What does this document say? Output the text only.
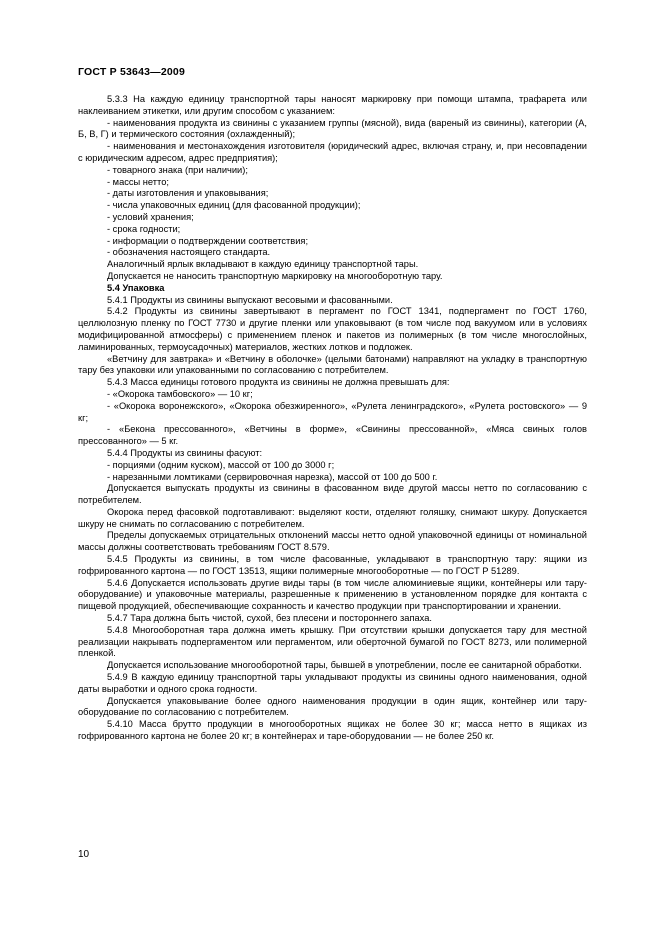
ГОСТ Р 53643—2009

5.3.3 На каждую единицу транспортной тары наносят маркировку при помощи штампа, трафарета или наклеиванием этикетки, или другим способом с указанием:

- наименования продукта из свинины с указанием группы (мясной), вида (вареный из свинины), категории (А, Б, В, Г) и термического состояния (охлажденный);

- наименования и местонахождения изготовителя (юридический адрес, включая страну, и, при несовпадении с юридическим адресом, адрес предприятия);

- товарного знака (при наличии);

- массы нетто;

- даты изготовления и упаковывания;

- числа упаковочных единиц (для фасованной продукции);

- условий хранения;

- срока годности;

- информации о подтверждении соответствия;

- обозначения настоящего стандарта.

Аналогичный ярлык вкладывают в каждую единицу транспортной тары.

Допускается не наносить транспортную маркировку на многооборотную тару.

5.4 Упаковка

5.4.1 Продукты из свинины выпускают весовыми и фасованными.

5.4.2 Продукты из свинины завертывают в пергамент по ГОСТ 1341, подпергамент по ГОСТ 1760, целлюлозную пленку по ГОСТ 7730 и другие пленки или упаковывают (в том числе под вакуумом или в условиях модифицированной атмосферы) с применением пленок и пакетов из полимерных (в том числе многослойных, ламинированных, термоусадочных) материалов, жестких лотков и подложек.

«Ветчину для завтрака» и «Ветчину в оболочке» (целыми батонами) направляют на укладку в транспортную тару без упаковки или упакованными по согласованию с потребителем.

5.4.3 Масса единицы готового продукта из свинины не должна превышать для:

- «Окорока тамбовского» — 10 кг;

- «Окорока воронежского», «Окорока обезжиренного», «Рулета ленинградского», «Рулета ростовского» — 9 кг;

- «Бекона прессованного», «Ветчины в форме», «Свинины прессованной», «Мяса свиных голов прессованного» — 5 кг.

5.4.4 Продукты из свинины фасуют:

- порциями (одним куском), массой от 100 до 3000 г;

- нарезанными ломтиками (сервировочная нарезка), массой от 100 до 500 г.

Допускается выпускать продукты из свинины в фасованном виде другой массы нетто по согласованию с потребителем.

Окорока перед фасовкой подготавливают: выделяют кости, отделяют голяшку, снимают шкуру. Допускается шкуру не снимать по согласованию с потребителем.

Пределы допускаемых отрицательных отклонений массы нетто одной упаковочной единицы от номинальной массы должны соответствовать требованиям ГОСТ 8.579.

5.4.5 Продукты из свинины, в том числе фасованные, укладывают в транспортную тару: ящики из гофрированного картона — по ГОСТ 13513, ящики полимерные многооборотные — по ГОСТ Р 51289.

5.4.6 Допускается использовать другие виды тары (в том числе алюминиевые ящики, контейнеры или тару-оборудование) и упаковочные материалы, разрешенные к применению в установленном порядке для контакта с пищевой продукцией, обеспечивающие сохранность и качество продукции при транспортировании и хранении.

5.4.7 Тара должна быть чистой, сухой, без плесени и постороннего запаха.

5.4.8 Многооборотная тара должна иметь крышку. При отсутствии крышки допускается тару для местной реализации накрывать подпергаментом или пергаментом, или оберточной бумагой по ГОСТ 8273, или полимерной пленкой.

Допускается использование многооборотной тары, бывшей в употреблении, после ее санитарной обработки.

5.4.9 В каждую единицу транспортной тары укладывают продукты из свинины одного наименования, одной даты выработки и одного срока годности.

Допускается упаковывание более одного наименования продукции в один ящик, контейнер или тару-оборудование по согласованию с потребителем.

5.4.10 Масса брутто продукции в многооборотных ящиках не более 30 кг; масса нетто в ящиках из гофрированного картона не более 20 кг; в контейнерах и таре-оборудовании — не более 250 кг.

10
